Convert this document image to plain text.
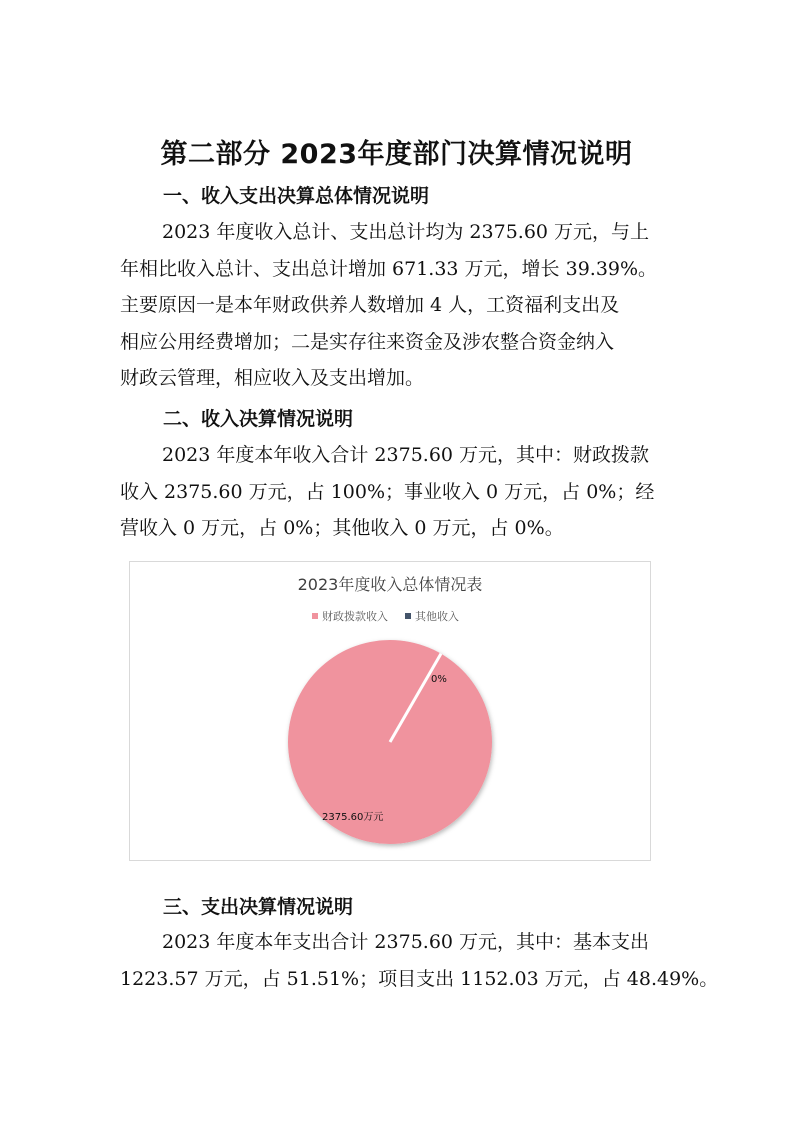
第二部分 2023年度部门决算情况说明
一、收入支出决算总体情况说明
2023 年度收入总计、支出总计均为 2375.60 万元，与上
年相比收入总计、支出总计增加 671.33 万元，增长 39.39%。
主要原因一是本年财政供养人数增加 4 人，工资福利支出及
相应公用经费增加；二是实存往来资金及涉农整合资金纳入
财政云管理，相应收入及支出增加。
二、收入决算情况说明
2023 年度本年收入合计 2375.60 万元，其中：财政拨款
收入 2375.60 万元，占 100%；事业收入 0 万元，占 0%；经
营收入 0 万元，占 0%；其他收入 0 万元，占 0%。
2023年度收入总体情况表
财政拨款收入 其他收入
2375.60万元
0%
三、支出决算情况说明
2023 年度本年支出合计 2375.60 万元，其中：基本支出
1223.57 万元，占 51.51%；项目支出 1152.03 万元，占 48.49%。
